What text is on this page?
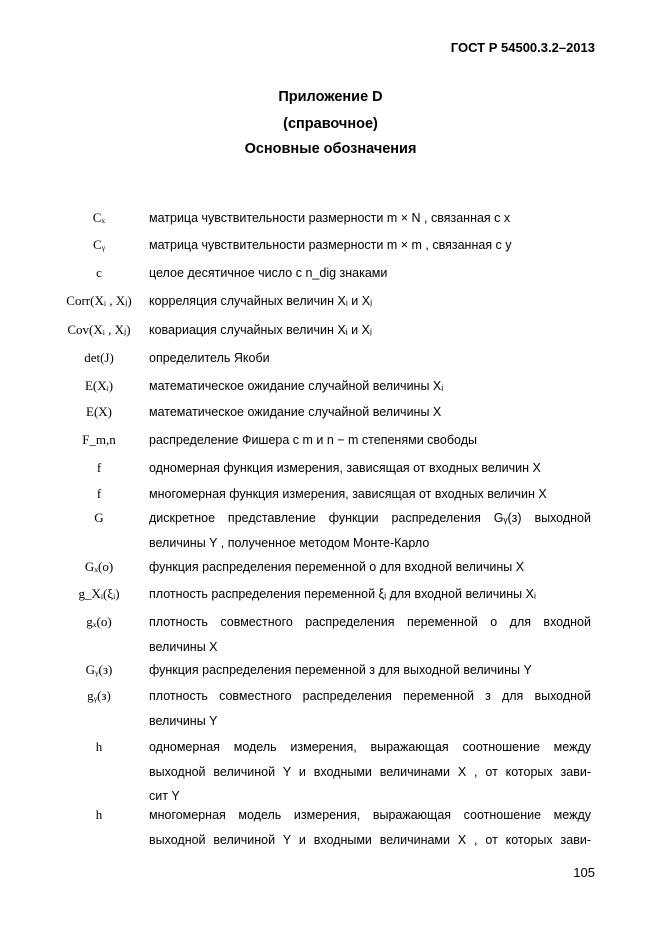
ГОСТ Р 54500.3.2–2013
Приложение D
(справочное)
Основные обозначения
Cₓ	матрица чувствительности размерности m × N , связанная с x
Cᵧ	матрица чувствительности размерности m × m , связанная с y
c	целое десятичное число с n_dig знаками
Corr(Xᵢ , Xⱼ)	корреляция случайных величин Xᵢ и Xⱼ
Cov(Xᵢ , Xⱼ)	ковариация случайных величин Xᵢ и Xⱼ
det(J)	определитель Якоби
E(Xᵢ)	математическое ожидание случайной величины Xᵢ
E(X)	математическое ожидание случайной величины X
F_m,n	распределение Фишера с m и n − m степенями свободы
f	одномерная функция измерения, зависящая от входных величин X
f	многомерная функция измерения, зависящая от входных величин X
G	дискретное представление функции распределения Gᵧ(з) выходной
величины Y , полученное методом Монте-Карло
Gₓ(ο)	функция распределения переменной ο для входной величины X
g_Xᵢ(ξᵢ)	плотность распределения переменной ξᵢ для входной величины Xᵢ
gₓ(ο)	плотность совместного распределения переменной ο для входной
величины X
Gᵧ(з)	функция распределения переменной з для выходной величины Y
gᵧ(з)	плотность совместного распределения переменной з для выходной
величины Y
h	одномерная модель измерения, выражающая соотношение между
выходной величиной Y и входными величинами X , от которых зави-
сит Y
h	многомерная модель измерения, выражающая соотношение между
выходной величиной Y и входными величинами X , от которых зави-
105
